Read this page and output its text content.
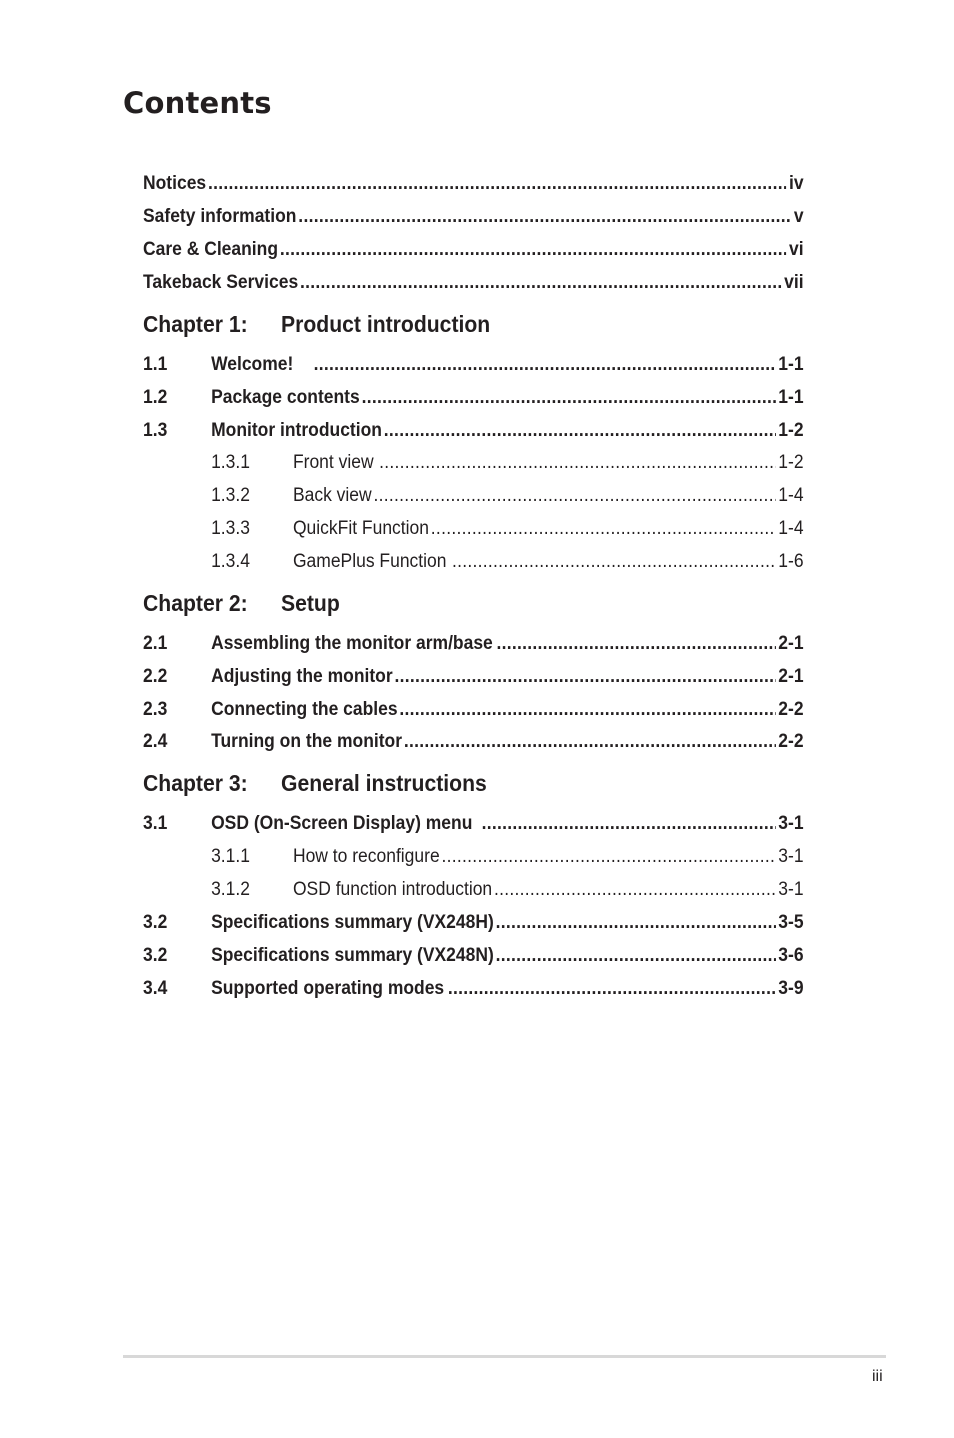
Contents
Notices .....	iv
Safety information .....	v
Care & Cleaning .....	vi
Takeback Services .....	vii
Chapter 1: Product introduction
1.1	Welcome! .....	1-1
1.2	Package contents .....	1-1
1.3	Monitor introduction .....	1-2
1.3.1	Front view .....	1-2
1.3.2	Back view .....	1-4
1.3.3	QuickFit Function .....	1-4
1.3.4	GamePlus Function .....	1-6
Chapter 2: Setup
2.1	Assembling the monitor arm/base .....	2-1
2.2	Adjusting the monitor .....	2-1
2.3	Connecting the cables .....	2-2
2.4	Turning on the monitor .....	2-2
Chapter 3: General instructions
3.1	OSD (On-Screen Display) menu .....	3-1
3.1.1	How to reconfigure .....	3-1
3.1.2	OSD function introduction .....	3-1
3.2	Specifications summary (VX248H) .....	3-5
3.2	Specifications summary (VX248N) .....	3-6
3.4	Supported operating modes .....	3-9
iii
